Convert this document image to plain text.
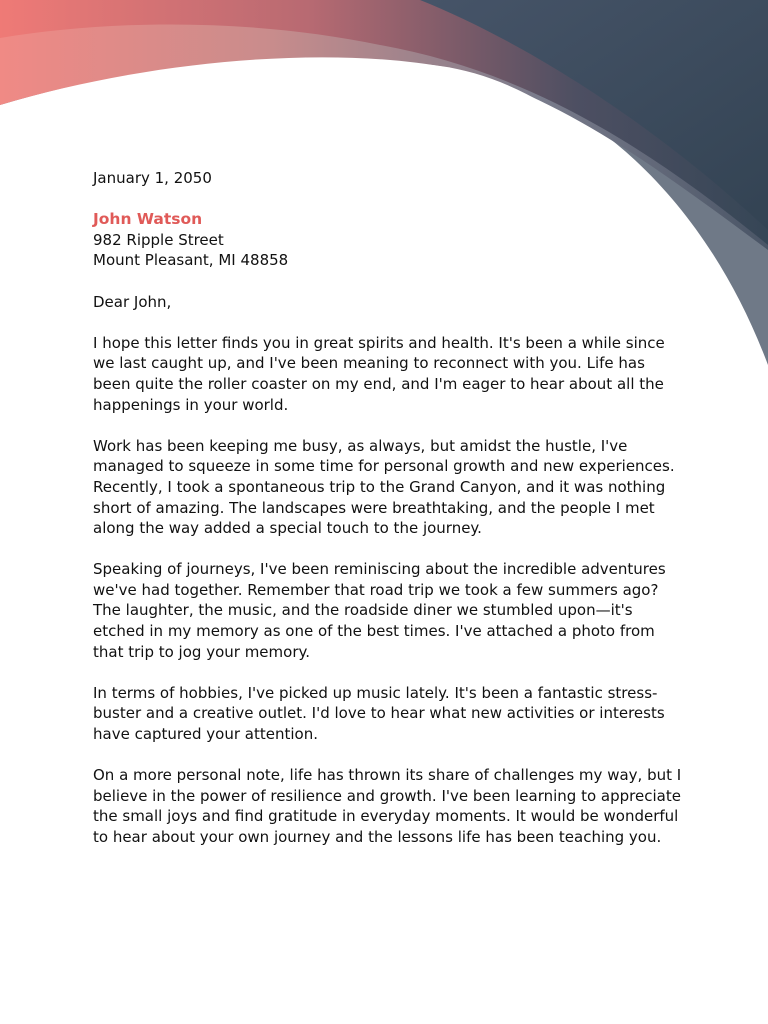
January 1, 2050

John Watson

982 Ripple Street

Mount Pleasant, MI 48858

Dear John,

I hope this letter finds you in great spirits and health. It's been a while since we last caught up, and I've been meaning to reconnect with you. Life has been quite the roller coaster on my end, and I'm eager to hear about all the happenings in your world.

Work has been keeping me busy, as always, but amidst the hustle, I've managed to squeeze in some time for personal growth and new experiences. Recently, I took a spontaneous trip to the Grand Canyon, and it was nothing short of amazing. The landscapes were breathtaking, and the people I met along the way added a special touch to the journey.

Speaking of journeys, I've been reminiscing about the incredible adventures we've had together. Remember that road trip we took a few summers ago? The laughter, the music, and the roadside diner we stumbled upon—it's etched in my memory as one of the best times. I've attached a photo from that trip to jog your memory.

In terms of hobbies, I've picked up music lately. It's been a fantastic stress-buster and a creative outlet. I'd love to hear what new activities or interests have captured your attention.

On a more personal note, life has thrown its share of challenges my way, but I believe in the power of resilience and growth. I've been learning to appreciate the small joys and find gratitude in everyday moments. It would be wonderful to hear about your own journey and the lessons life has been teaching you.
